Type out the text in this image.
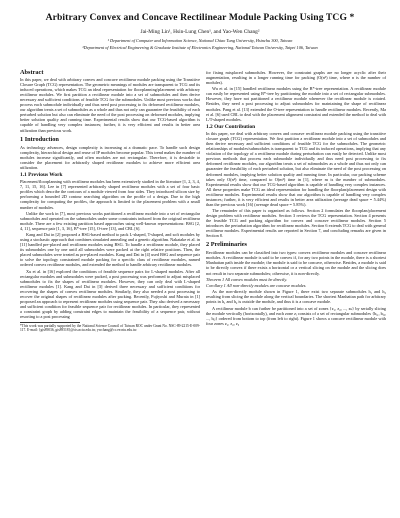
Arbitrary Convex and Concave Rectilinear Module Packing Using TCG *
Jai-Ming Lin¹, Hsin-Lung Chen¹, and Yao-Wen Chang²
¹ Department of Computer and Information Science, National Chiao Tung University, Hsinchu 300, Taiwan
²Department of Electrical Engineering & Graduate Institute of Electronics Engineering, National Taiwan University, Taipei 106, Taiwan
Abstract

In this paper, we deal with arbitrary convex and concave rectilinear module packing using the Transitive Closure Graph (TCG) representation. The geometric meanings of modules are transparent to TCG and its induced operations, which makes TCG an ideal representation for floorplanning/placement with arbitrary rectilinear modules. We first partition a rectilinear module into a set of submodules and then derive necessary and sufficient conditions of feasible TCG for the submodules. Unlike most previous works that process each submodule individually and thus need post processing to fix deformed rectilinear modules, our algorithm treats a set of submodules as a whole and thus not only can guarantee the feasibility of each perturbed solution but also can eliminate the need of the post processing on deformed modules, implying better solution quality and running time. Experimental results show that our TCG-based algorithm is capable of handling very complex instances; further, it is very efficient and results in better area utilization than previous work.

1 Introduction

As technology advances, design complexity is increasing at a dramatic pace. To handle such design complexity, hierarchical design and reuse of IP modules become popular. This trend makes the number of modules increase significantly, and often modules are not rectangular. Therefore, it is desirable to consider the placement for arbitrarily shaped rectilinear modules to achieve more efficient area utilization.

1.1 Previous Work

Placement/floorplanning with rectilinear modules has been extensively studied in the literature [1, 2, 3, 4, 7, 11, 15, 16]. Lee in [7] represented arbitrarily shaped rectilinear modules with a set of four basic profiles which describe the contours of a module viewed from four sides. They introduced silicon size by performing a bounded 2D contour searching algorithm on the profile of a design. Due to the high complexity for computing the profiles, the approach is limited to the placement problem with a small number of modules.

Unlike the work in [7], most previous works partitioned a rectilinear module into a set of rectangular submodules and operated on the submodules under some constraints induced from the original rectilinear module. There are a few existing partition based approaches using well-known representations: BSG [2, 4, 11], sequence pair [1, 3, 16], B*-tree [15], O-tree [13], and CBL [6].

Kang and Dai in [2] proposed a BSG-based method to pack L-shaped, T-shaped, and soft modules by using a stochastic approach that combines simulated annealing and a genetic algorithm. Nakatake et al. in [11] handled pre-placed and rectilinear modules using BSG. To handle a rectilinear module, they placed its submodules one by one until all submodules were packed at the right relative positions. Then, the placed submodules were treated as pre-placed modules. Kang and Dai in [4] used BSG and sequence pair to solve the topology constrained module packing for a specific class of rectilinear modules, named ordered convex rectilinear modules, and extended the method to handle arbitrary rectilinear modules.

Xu et al. in [16] explored the conditions of feasible sequence pairs for L-shaped modules. After all rectangular modules and submodules were packed, a post processing was performed to adjust misplaced submodules to fix the shapes of rectilinear modules. However, they can only deal with L-shaped rectilinear modules [1]. Kang and Dai in [3] derived three necessary and sufficient conditions for recovering the shapes of convex rectilinear modules. Similarly, they also needed a post processing to recover the original shapes of rectilinear modules after packing. Recently, Fujiyoshi and Murata in [1] proposed an approach to represent rectilinear modules using sequence pair. They also derived a necessary and sufficient condition for feasible sequence pair for rectilinear modules. In particular, they represented a constraint graph by adding constraint edges to maintain the feasibility of a sequence pair, without resorting to a post processing

*This work was partially supported by the National Science Council of Taiwan ROC under Grant No. NSC-89-2215-E-009-117. E-mail: {gis89036, gis89518}@cis.nctu.edu.tw, ywchang@cc.ee.ntu.edu.tw.

for fixing misplaced submodules. However, the constraint graphs are no longer acyclic after their augmentation, resulting in a longer running time for packing (O(n³) time, where n is the number of modules).

Wu et al. in [15] handled rectilinear modules using the B*-tree representation. A rectilinear module can easily be represented using B*-tree by partitioning the module into a set of rectangular submodules. However, they have not partitioned a rectilinear module whenever the rectilinear module is rotated. Besides, they need a post processing to adjust submodules for maintaining the shape of rectilinear modules. Pang et al. [13] extended the O-tree representation to handle rectilinear modules. Recently, Ma et al. [6] used CBL to deal with the placement alignment constraint and extended the method to deal with L/T-shaped modules.

1.2 Our Contribution

In this paper, we deal with arbitrary convex and concave rectilinear module packing using the transitive closure graph (TCG) representation. We first partition a rectilinear module into a set of submodules and then derive necessary and sufficient conditions of feasible TCG for the submodules. The geometric relationships of modules/submodules is transparent to TCG and its induced operations, implying that any violation of the topology of a rectilinear module during perturbation can easily be detected. Unlike most previous methods that process each submodule individually and thus need post processing to fix deformed rectilinear modules, our algorithm treats a set of submodules as a whole and thus not only can guarantee the feasibility of each perturbed solution, but also eliminate the need of the post processing on deformed modules, implying better solution quality and running time. In particular, our packing scheme takes only O(n²) time, compared to O(m³) time in [1], where m is the number of submodules. Experimental results show that our TCG-based algorithm is capable of handling very complex instances. All these properties make TCG an ideal representation for handling the floorplan/placement design with rectilinear modules. Experimental results show that our algorithm is capable of handling very complex instances; further, it is very efficient and results in better area utilization (average dead space = 5.44%) than the previous work [16] (average dead space = 5.85%).

The remainder of this paper is organized as follows. Section 2 formulates the floorplan/placement design problem with rectilinear modules. Section 3 reviews the TCG representation. Section 4 presents the feasible TCG and packing algorithm for convex and concave rectilinear modules. Section 5 introduces the perturbation algorithm for rectilinear modules. Section 6 extends TCG to deal with general rectilinear modules. Experimental results are reported in Section 7, and concluding remarks are given in Section 8.

2 Preliminaries

Rectilinear modules can be classified into two types: convex rectilinear modules and concave rectilinear modules. A rectilinear module is said to be convex if, for any two points in the module, there is a shortest Manhattan path inside the module; the module is said to be concave, otherwise. Besides, a module is said to be directly convex if there exists a horizontal or a vertical slicing on the module and the slicing does not result in two separate submodules; otherwise, it is non-directly.

Theorem 1 All convex modules must be directly.

Corollary 1 All non-directly modules are concave modules.

As the non-directly module shown in Figure 1, there exist two separate submodules h₁ and h₂ resulting from slicing the module along the vertical boundaries. The shortest Manhattan path for arbitrary points in h₁ and h₂ is outside the module, and thus it is a concave module.

A rectilinear module b can further be partitioned into a set of zones {z₁, z₂, ..., zₖ} by serially slicing the module vertically (horizontally), and each zone zᵢ consists of a set of rectangular submodules {bᵢ₁, bᵢ₂, ..., bᵢⱼ} ordered from bottom to top (from left to right). Figure 1 shows a concave rectilinear module with four zones z₁, z₂, z₃
